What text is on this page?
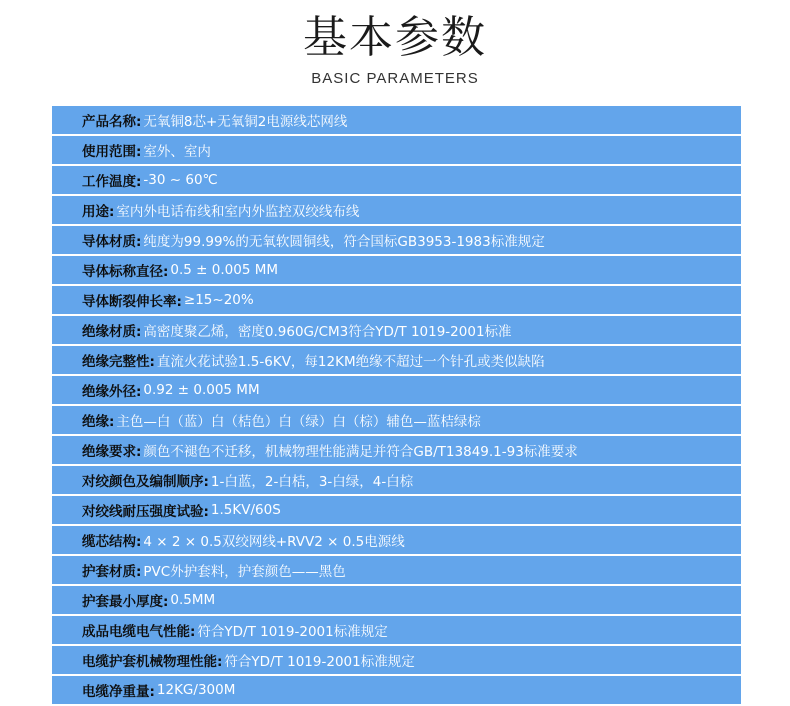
基本参数
BASIC PARAMETERS
产品名称: 无氧铜8芯+无氧铜2电源线芯网线
使用范围: 室外、室内
工作温度: -30 ~ 60℃
用途: 室内外电话布线和室内外监控双绞线布线
导体材质: 纯度为99.99%的无氧软圆铜线，符合国标GB3953-1983标准规定
导体标称直径: 0.5 ± 0.005 MM
导体断裂伸长率: ≥15~20%
绝缘材质: 高密度聚乙烯，密度0.960G/CM3符合YD/T 1019-2001标准
绝缘完整性: 直流火花试验1.5-6KV，每12KM绝缘不超过一个针孔或类似缺陷
绝缘外径: 0.92 ± 0.005 MM
绝缘: 主色—白（蓝）白（桔色）白（绿）白（棕）辅色—蓝桔绿棕
绝缘要求: 颜色不褪色不迁移，机械物理性能满足并符合GB/T13849.1-93标准要求
对绞颜色及编制顺序: 1-白蓝，2-白桔，3-白绿，4-白棕
对绞线耐压强度试验: 1.5KV/60S
缆芯结构: 4 × 2 × 0.5双绞网线+RVV2 × 0.5电源线
护套材质: PVC外护套料，护套颜色——黑色
护套最小厚度: 0.5MM
成品电缆电气性能: 符合YD/T 1019-2001标准规定
电缆护套机械物理性能: 符合YD/T 1019-2001标准规定
电缆净重量: 12KG/300M
